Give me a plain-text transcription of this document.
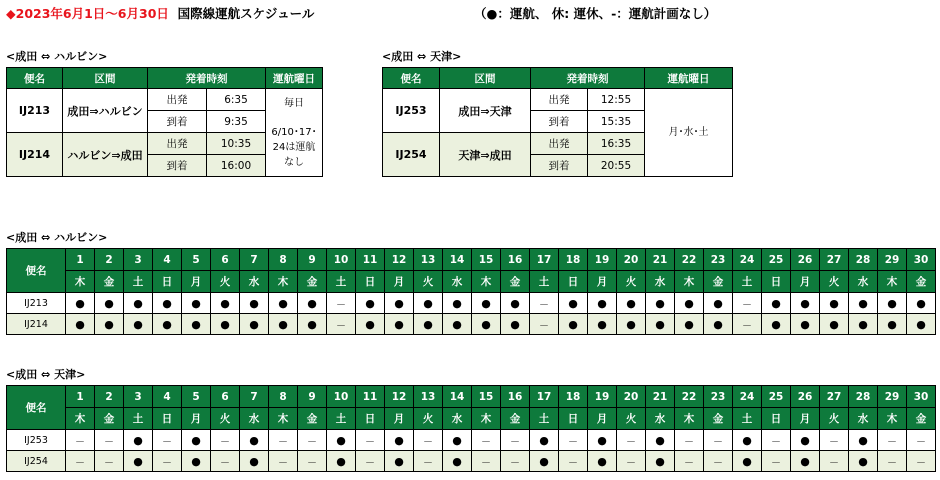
◆2023年6月1日～6月30日 国際線運航スケジュール	（●：運航、 休: 運休、-：運航計画なし）
<成田 ⇔ ハルビン>
便名	区間	発着時刻		運航曜日
IJ213	成田⇒ハルビン	出発	6:35	毎日
6/10･17･24は運航なし

		到着	9:35	
IJ214	ハルビン⇒成田	出発	10:35	
		到着	16:00	
<成田 ⇔ 天津>
便名	区間	発着時刻		運航曜日
IJ253	成田⇒天津	出発	12:55	月･水･土
		到着	15:35	
IJ254	天津⇒成田	出発	16:35	
		到着	20:55	
<成田 ⇔ ハルビン>
便名	1	2	3	4	5	6	7	8	9	10	11	12	13	14	15	16	17	18	19	20	21	22	23	24	25	26	27	28	29	30
	木	金	土	日	月	火	水	木	金	土	日	月	火	水	木	金	土	日	月	火	水	木	金	土	日	月	火	水	木	金
IJ213	●	●	●	●	●	●	●	●	●	－	●	●	●	●	●	●	－	●	●	●	●	●	●	－	●	●	●	●	●	●
IJ214	●	●	●	●	●	●	●	●	●	－	●	●	●	●	●	●	－	●	●	●	●	●	●	－	●	●	●	●	●	●
<成田 ⇔ 天津>
便名	1	2	3	4	5	6	7	8	9	10	11	12	13	14	15	16	17	18	19	20	21	22	23	24	25	26	27	28	29	30
	木	金	土	日	月	火	水	木	金	土	日	月	火	水	木	金	土	日	月	火	水	木	金	土	日	月	火	水	木	金
IJ253	－	－	●	－	●	－	●	－	－	●	－	●	－	●	－	－	●	－	●	－	●	－	－	●	－	●	－	●	－	－
IJ254	－	－	●	－	●	－	●	－	－	●	－	●	－	●	－	－	●	－	●	－	●	－	－	●	－	●	－	●	－	－
